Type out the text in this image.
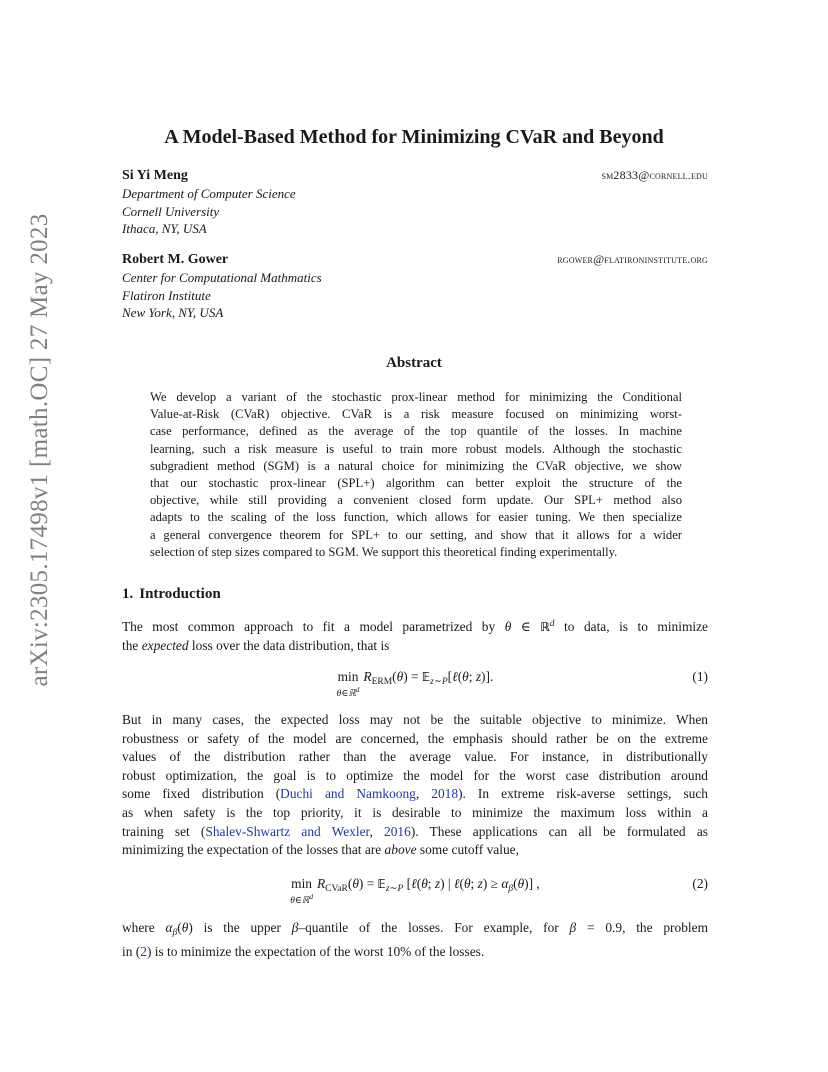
arXiv:2305.17498v1 [math.OC] 27 May 2023
A Model-Based Method for Minimizing CVaR and Beyond
Si Yi Meng	sm2833@cornell.edu
Department of Computer Science
Cornell University
Ithaca, NY, USA
Robert M. Gower	rgower@flatironinstitute.org
Center for Computational Mathmatics
Flatiron Institute
New York, NY, USA
Abstract
We develop a variant of the stochastic prox-linear method for minimizing the Conditional
Value-at-Risk (CVaR) objective. CVaR is a risk measure focused on minimizing worst-
case performance, defined as the average of the top quantile of the losses. In machine
learning, such a risk measure is useful to train more robust models. Although the stochastic
subgradient method (SGM) is a natural choice for minimizing the CVaR objective, we show
that our stochastic prox-linear (SPL+) algorithm can better exploit the structure of the
objective, while still providing a convenient closed form update. Our SPL+ method also
adapts to the scaling of the loss function, which allows for easier tuning. We then specialize
a general convergence theorem for SPL+ to our setting, and show that it allows for a wider
selection of step sizes compared to SGM. We support this theoretical finding experimentally.
1. Introduction
The most common approach to fit a model parametrized by θ ∈ ℝ$^d$ to data, is to minimize
the expected loss over the data distribution, that is
min
θ∈ℝ$^d$
$R_{ERM}(\theta)$ = 𝔼$_{z\sim P}$[ℓ(θ; z)].	(1)
But in many cases, the expected loss may not be the suitable objective to minimize. When
robustness or safety of the model are concerned, the emphasis should rather be on the extreme
values of the distribution rather than the average value. For instance, in distributionally
robust optimization, the goal is to optimize the model for the worst case distribution around
some fixed distribution (Duchi and Namkoong, 2018). In extreme risk-averse settings, such
as when safety is the top priority, it is desirable to minimize the maximum loss within a
training set (Shalev-Shwartz and Wexler, 2016). These applications can all be formulated as
minimizing the expectation of the losses that are above some cutoff value,
min
θ∈ℝ$^d$
$R_{CVaR}(\theta)$ = 𝔼$_{z\sim P}$ [ℓ(θ; z) | ℓ(θ; $z) \ge \alpha_\beta(\theta)$] ,	(2)
where $\alpha_\beta(\theta)$ is the upper β–quantile of the losses. For example, for β = 0.9, the problem
in (2) is to minimize the expectation of the worst 10% of the losses.
